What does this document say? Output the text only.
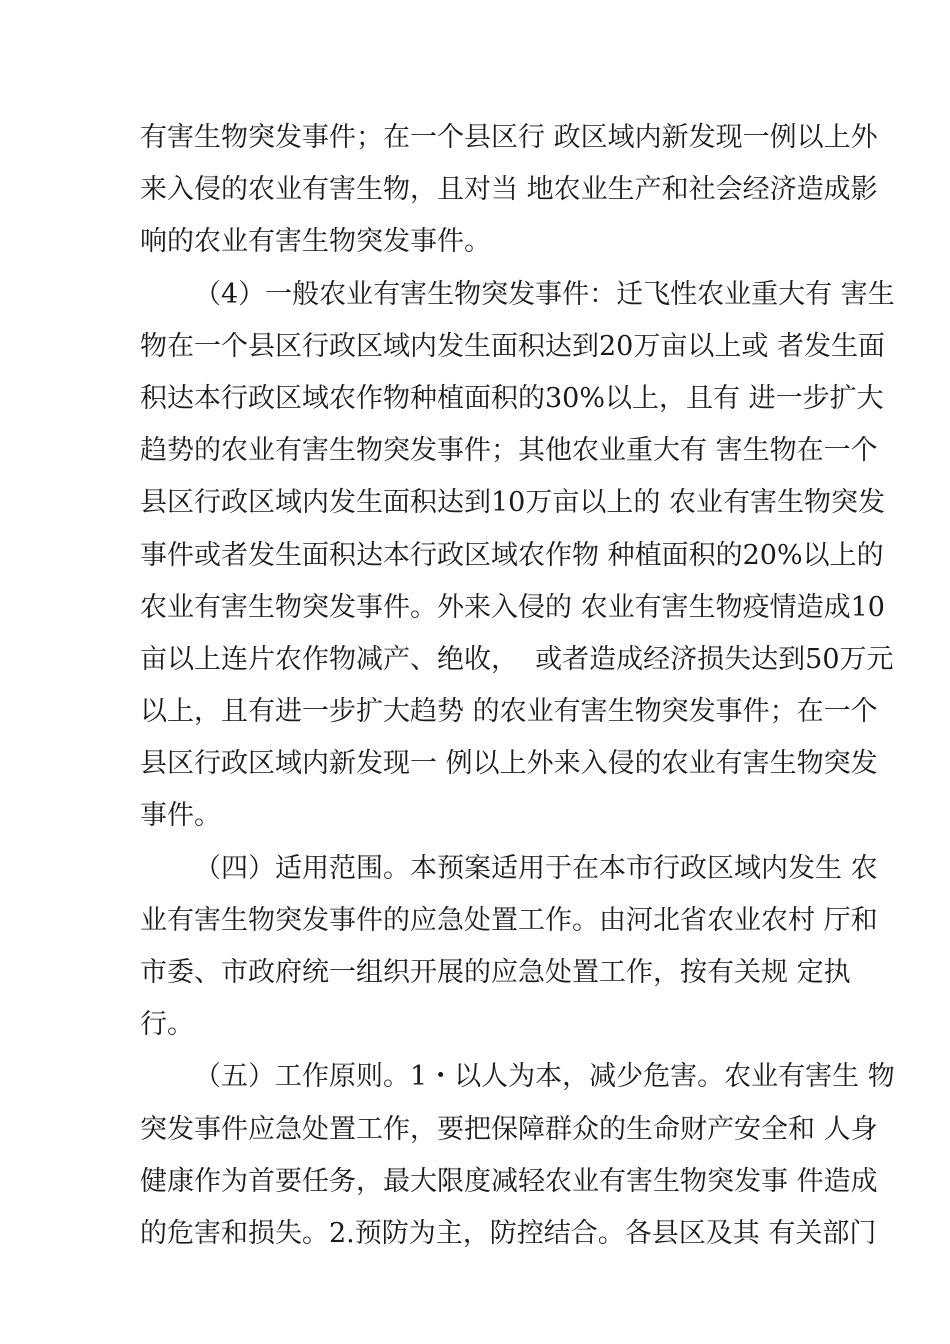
有害生物突发事件；在一个县区行 政区域内新发现一例以上外
来入侵的农业有害生物，且对当 地农业生产和社会经济造成影
响的农业有害生物突发事件。
（4）一般农业有害生物突发事件：迁飞性农业重大有 害生
物在一个县区行政区域内发生面积达到20万亩以上或 者发生面
积达本行政区域农作物种植面积的30%以上，且有 进一步扩大
趋势的农业有害生物突发事件；其他农业重大有 害生物在一个
县区行政区域内发生面积达到10万亩以上的 农业有害生物突发
事件或者发生面积达本行政区域农作物 种植面积的20%以上的
农业有害生物突发事件。外来入侵的 农业有害生物疫情造成10
亩以上连片农作物减产、绝收，  或者造成经济损失达到50万元
以上，且有进一步扩大趋势 的农业有害生物突发事件；在一个
县区行政区域内新发现一 例以上外来入侵的农业有害生物突发
事件。
（四）适用范围。本预案适用于在本市行政区域内发生 农
业有害生物突发事件的应急处置工作。由河北省农业农村 厅和
市委、市政府统一组织开展的应急处置工作，按有关规 定执
行。
（五）工作原则。1・以人为本，减少危害。农业有害生 物
突发事件应急处置工作，要把保障群众的生命财产安全和 人身
健康作为首要任务，最大限度减轻农业有害生物突发事 件造成
的危害和损失。2.预防为主，防控结合。各县区及其 有关部门
